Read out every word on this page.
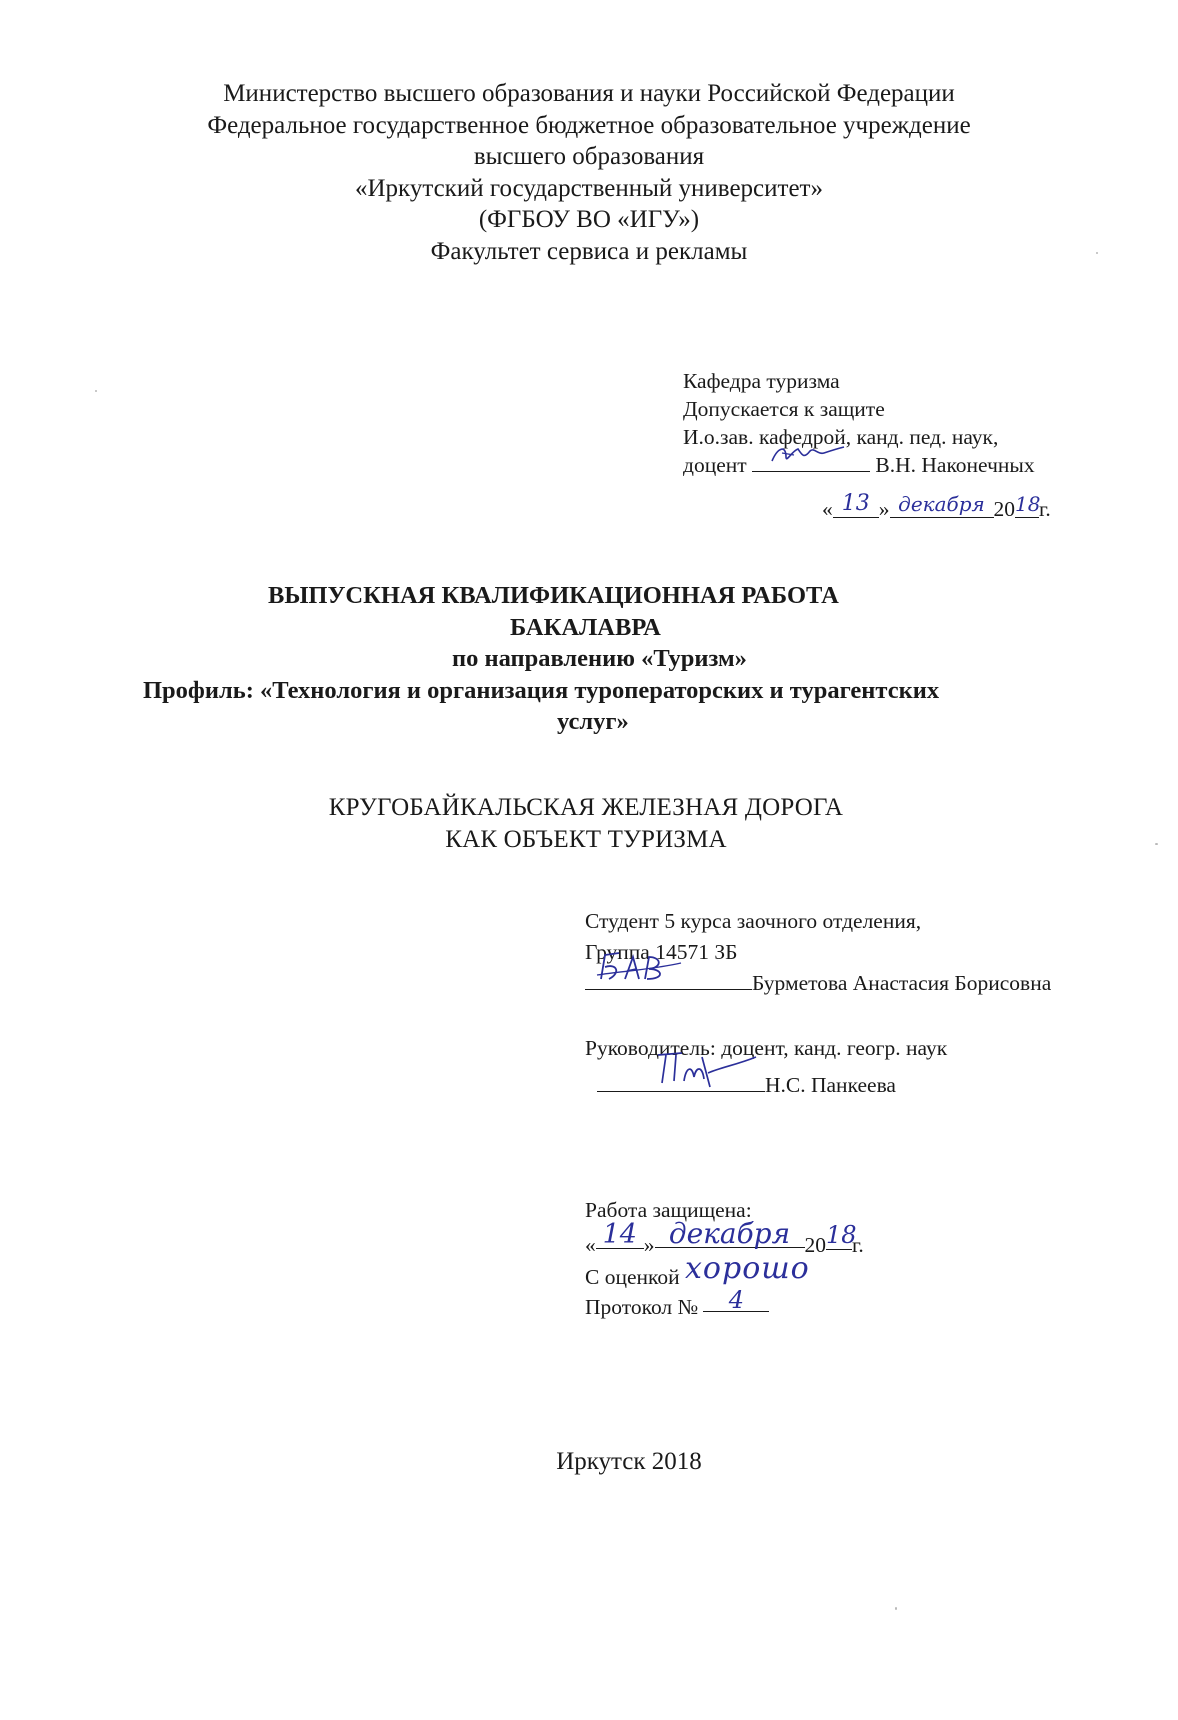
Министерство высшего образования и науки Российской Федерации
Федеральное государственное бюджетное образовательное учреждение
высшего образования
«Иркутский государственный университет»
(ФГБОУ ВО «ИГУ»)
Факультет сервиса и рекламы
Кафедра туризма
Допускается к защите
И.о.зав. кафедрой, канд. пед. наук,
доцент	В.Н. Наконечных
« 13 » декабря 2018г.
ВЫПУСКНАЯ КВАЛИФИКАЦИОННАЯ РАБОТА
БАКАЛАВРА
по направлению «Туризм»
Профиль: «Технология и организация туроператорских и турагентских
услуг»
КРУГОБАЙКАЛЬСКАЯ ЖЕЛЕЗНАЯ ДОРОГА
КАК ОБЪЕКТ ТУРИЗМА
Студент 5 курса заочного отделения,
Группа 14571 ЗБ
Бурметова Анастасия Борисовна
Руководитель: доцент, канд. геогр. наук
Н.С. Панкеева
Работа защищена:
« 14 » декабря 2018г.
С оценкой хорошо
Протокол № 4
Иркутск 2018
